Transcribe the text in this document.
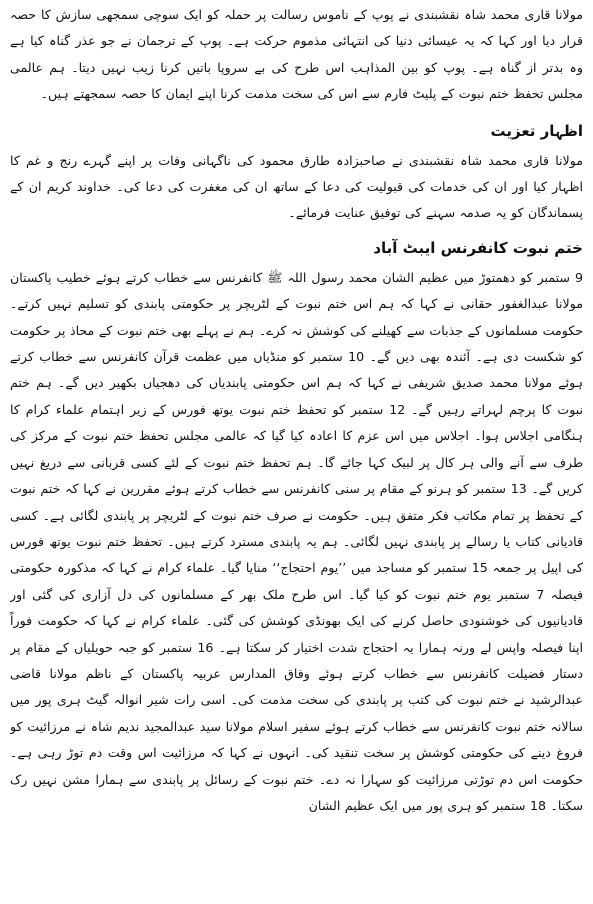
مولانا قاری محمد شاہ نقشبندی نے پوپ کے ناموس رسالت پر حملہ کو ایک سوچی سمجھی سازش کا حصہ قرار دیا اور کہا کہ یہ عیسائی دنیا کی انتہائی مذموم حرکت ہے۔ پوپ کے ترجمان نے جو عذر گناہ کیا ہے وہ بدتر از گناہ ہے۔ پوپ کو بین المذاہب اس طرح کی بے سروپا باتیں کرنا زیب نہیں دیتا۔ ہم عالمی مجلس تحفظ ختم نبوت کے پلیٹ فارم سے اس کی سخت مذمت کرنا اپنے ایمان کا حصہ سمجھتے ہیں۔

اظہار تعزیت

مولانا قاری محمد شاہ نقشبندی نے صاحبزادہ طارق محمود کی ناگہانی وفات پر اپنے گہرے رنج و غم کا اظہار کیا اور ان کی خدمات کی قبولیت کی دعا کے ساتھ ان کی مغفرت کی دعا کی۔ خداوند کریم ان کے پسماندگان کو یہ صدمہ سہنے کی توفیق عنایت فرمائے۔

ختم نبوت کانفرنس ایبٹ آباد

9 ستمبر کو دھمتوڑ میں عظیم الشان محمد رسول اللہ ﷺ کانفرنس سے خطاب کرتے ہوئے خطیب پاکستان مولانا عبدالغفور حقانی نے کہا کہ ہم اس ختم نبوت کے لٹریچر پر حکومتی پابندی کو تسلیم نہیں کرتے۔ حکومت مسلمانوں کے جذبات سے کھیلنے کی کوشش نہ کرے۔ ہم نے پہلے بھی ختم نبوت کے محاذ پر حکومت کو شکست دی ہے۔ آئندہ بھی دیں گے۔ 10 ستمبر کو منڈیاں میں عظمت قرآن کانفرنس سے خطاب کرتے ہوئے مولانا محمد صدیق شریفی نے کہا کہ ہم اس حکومتی پابندیاں کی دھجیاں بکھیر دیں گے۔ ہم ختم نبوت کا پرچم لہراتے رہیں گے۔ 12 ستمبر کو تحفظ ختم نبوت یوتھ فورس کے زیر اہتمام علماء کرام کا ہنگامی اجلاس ہوا۔ اجلاس میں اس عزم کا اعادہ کیا گیا کہ عالمی مجلس تحفظ ختم نبوت کے مرکز کی طرف سے آنے والی ہر کال پر لبیک کہا جائے گا۔ ہم تحفظ ختم نبوت کے لئے کسی قربانی سے دریغ نہیں کریں گے۔ 13 ستمبر کو ہرنو کے مقام پر سنی کانفرنس سے خطاب کرتے ہوئے مقررین نے کہا کہ ختم نبوت کے تحفظ پر تمام مکاتب فکر متفق ہیں۔ حکومت نے صرف ختم نبوت کے لٹریچر پر پابندی لگائی ہے۔ کسی قادیانی کتاب یا رسالے پر پابندی نہیں لگائی۔ ہم یہ پابندی مسترد کرتے ہیں۔ تحفظ ختم نبوت یوتھ فورس کی اپیل پر جمعہ 15 ستمبر کو مساجد میں ’’یوم احتجاج‘‘ منایا گیا۔ علماء کرام نے کہا کہ مذکورہ حکومتی فیصلہ 7 ستمبر یوم ختم نبوت کو کیا گیا۔ اس طرح ملک بھر کے مسلمانوں کی دل آزاری کی گئی اور قادیانیوں کی خوشنودی حاصل کرنے کی ایک بھونڈی کوشش کی گئی۔ علماء کرام نے کہا کہ حکومت فوراً اپنا فیصلہ واپس لے ورنہ ہمارا یہ احتجاج شدت اختیار کر سکتا ہے۔ 16 ستمبر کو جبہ حویلیاں کے مقام پر دستار فضیلت کانفرنس سے خطاب کرتے ہوئے وفاق المدارس عربیہ پاکستان کے ناظم مولانا قاضی عبدالرشید نے ختم نبوت کی کتب پر پابندی کی سخت مذمت کی۔ اسی رات شیر انوالہ گیٹ ہری پور میں سالانہ ختم نبوت کانفرنس سے خطاب کرتے ہوئے سفیر اسلام مولانا سید عبدالمجید ندیم شاہ نے مرزائیت کو فروغ دینے کی حکومتی کوشش پر سخت تنقید کی۔ انہوں نے کہا کہ مرزائیت اس وقت دم توڑ رہی ہے۔ حکومت اس دم توڑتی مرزائیت کو سہارا نہ دے۔ ختم نبوت کے رسائل پر پابندی سے ہمارا مشن نہیں رک سکتا۔ 18 ستمبر کو ہری پور میں ایک عظیم الشان
